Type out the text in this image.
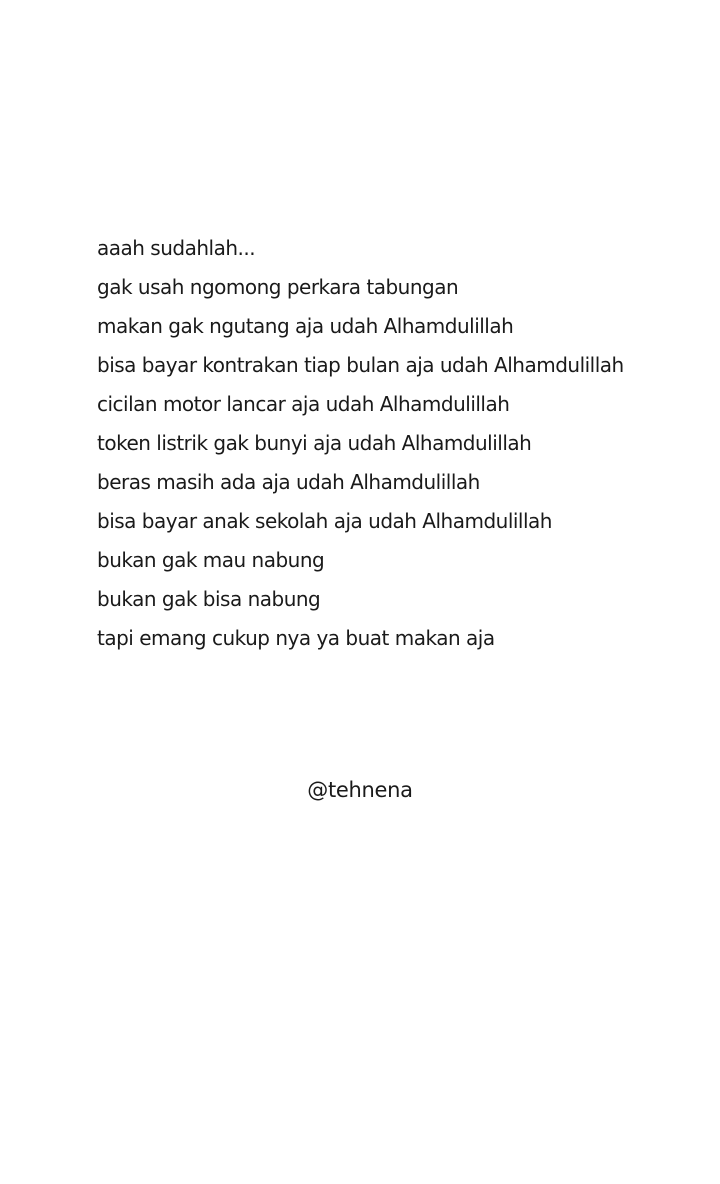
aaah sudahlah...
gak usah ngomong perkara tabungan
makan gak ngutang aja udah Alhamdulillah
bisa bayar kontrakan tiap bulan aja udah Alhamdulillah
cicilan motor lancar aja udah Alhamdulillah
token listrik gak bunyi aja udah Alhamdulillah
beras masih ada aja udah Alhamdulillah
bisa bayar anak sekolah aja udah Alhamdulillah
bukan gak mau nabung
bukan gak bisa nabung
tapi emang cukup nya ya buat makan aja
@tehnena
